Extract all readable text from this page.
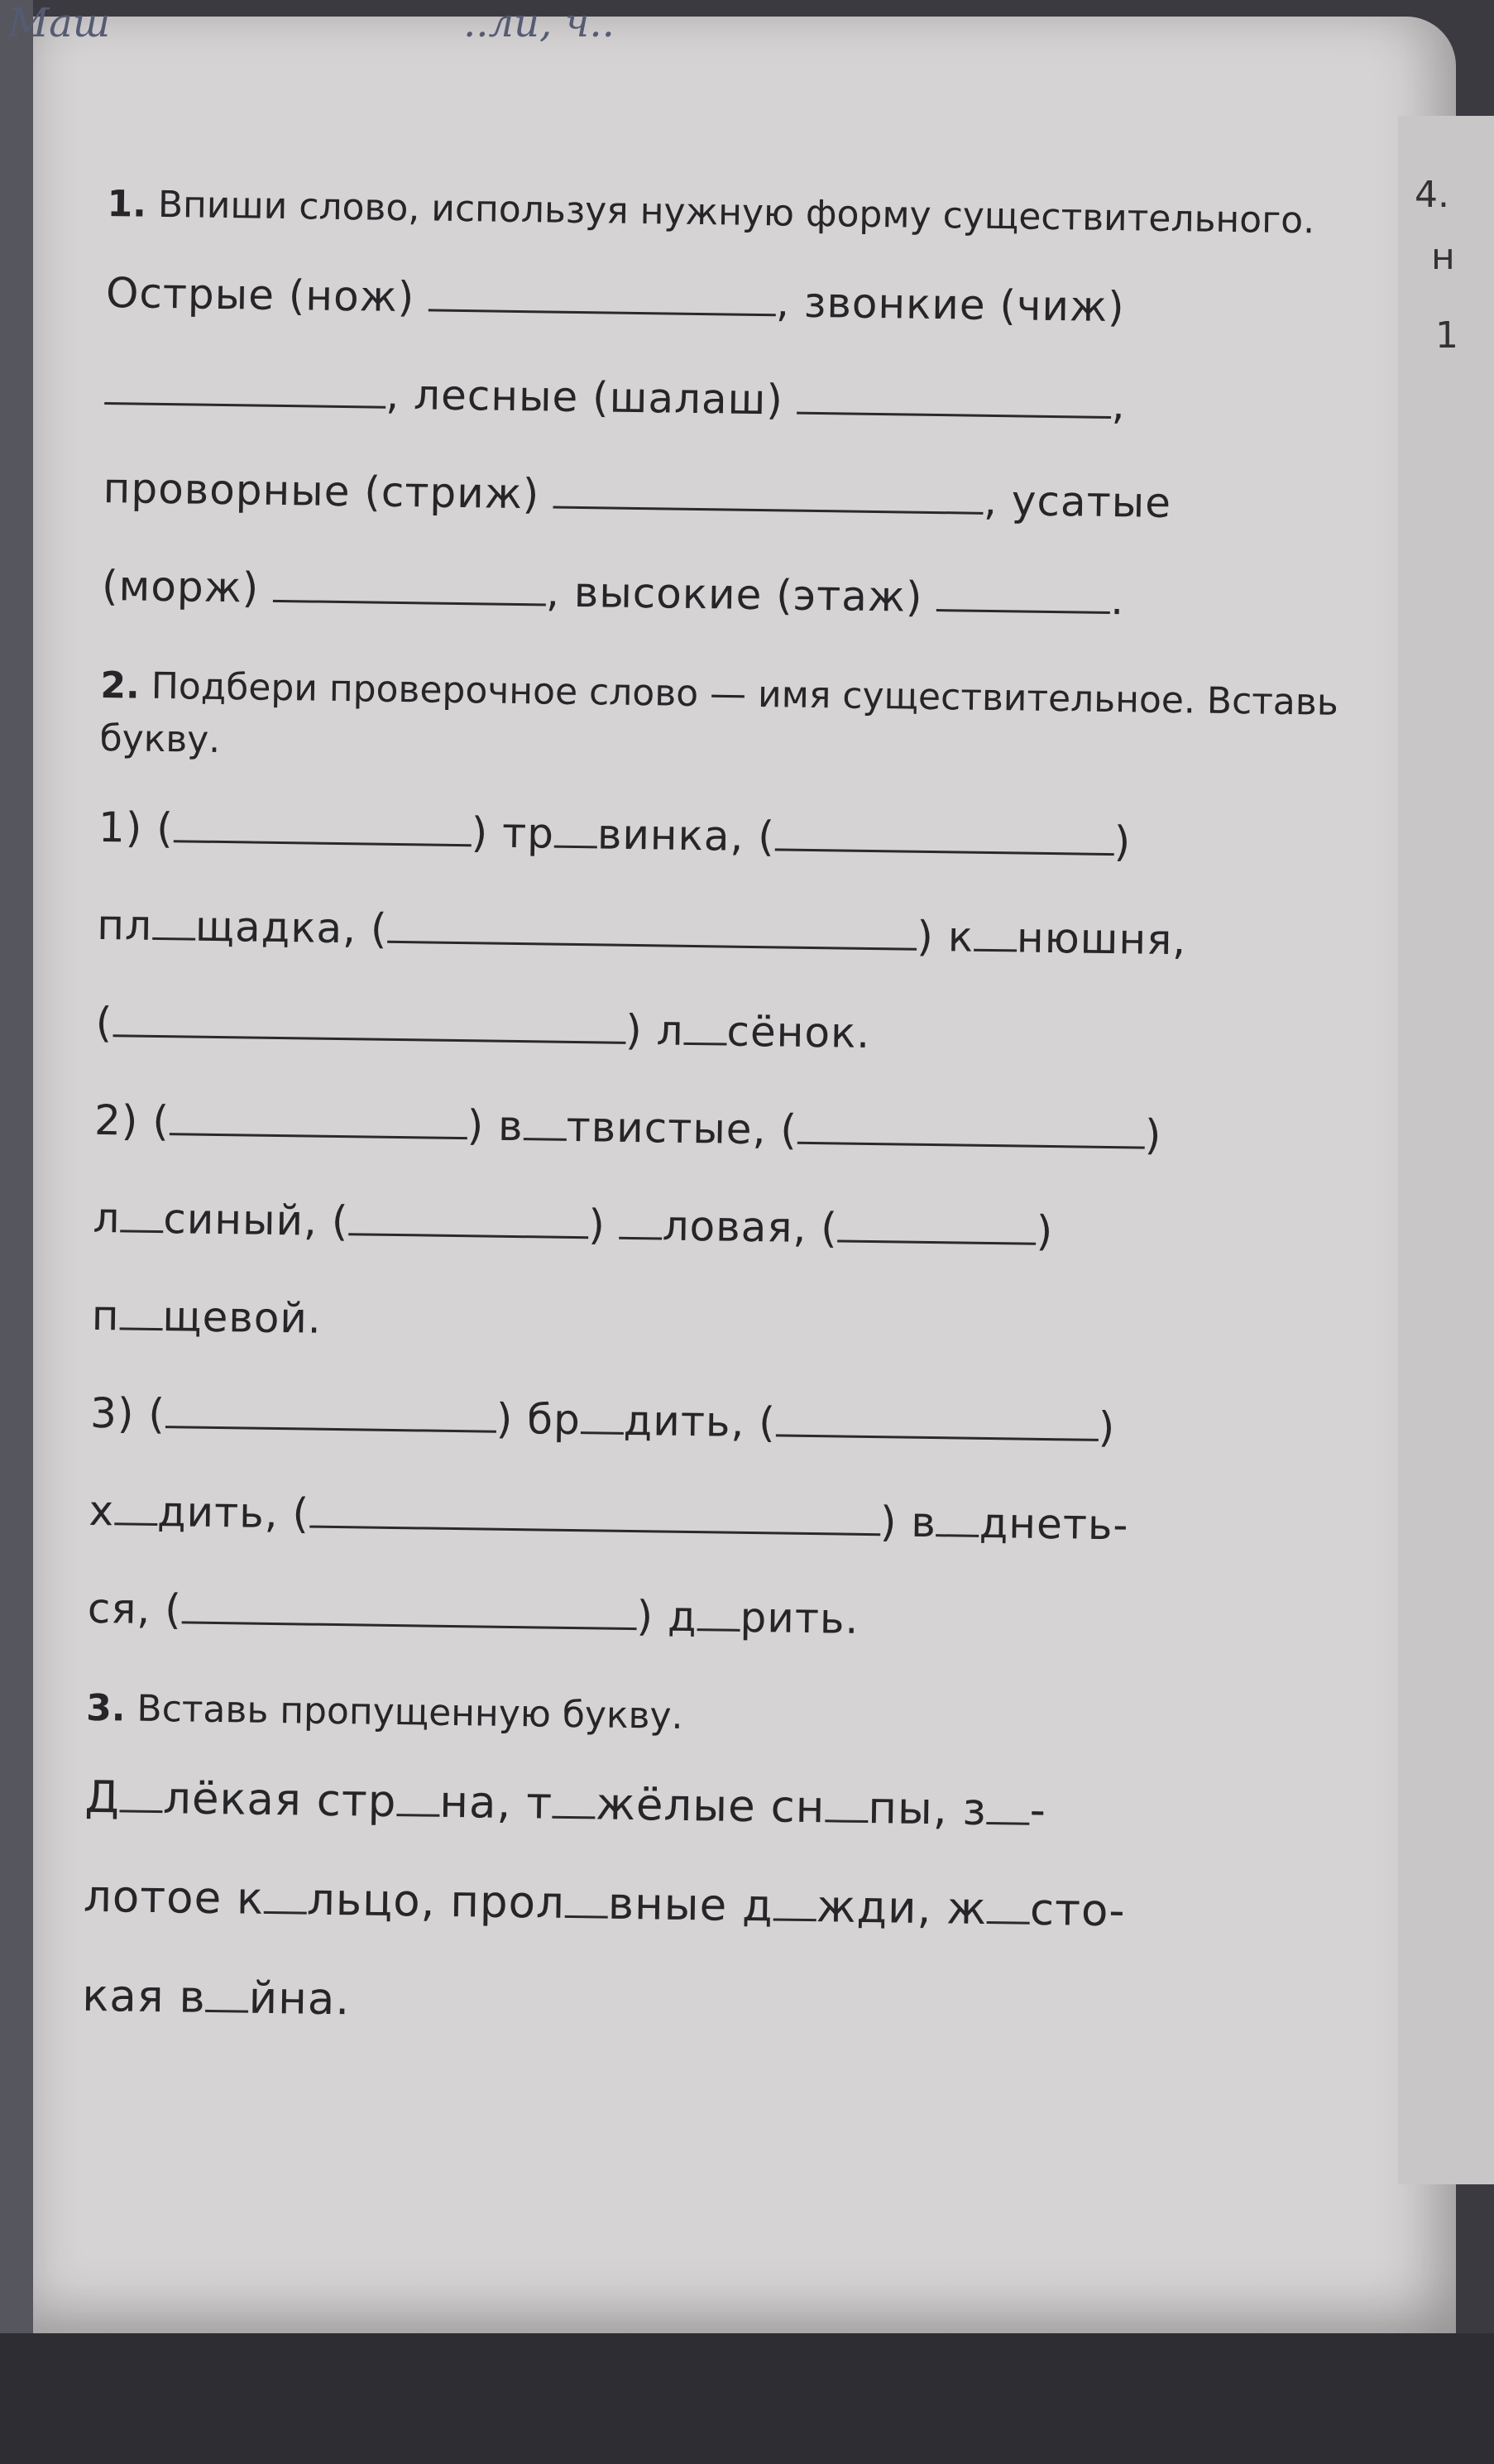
4.
н
1
Маш	..ли, ч..
1. Впиши слово, используя нужную форму существительного.
Острые (нож)	, звонкие (чиж)
, лесные (шалаш)	,
проворные (стриж)	, усатые
(морж)	, высокие (этаж)	.
2. Подбери проверочное слово — имя существительное. Вставь букву.
1) (	) тр винка, (	)
пл щадка, (	) к нюшня,
(	) л сёнок.
2) (	) в твистые, (	)
л синый, (	) ловая, (	)
п щевой.
3) (	) бр дить, (	)
х дить, (	) в днеть-
ся, (	) д рить.
3. Вставь пропущенную букву.
Д лёкая стр на, т жёлые сн пы, з -
лотое к льцо, прол вные д жди, ж сто-
кая в йна.
